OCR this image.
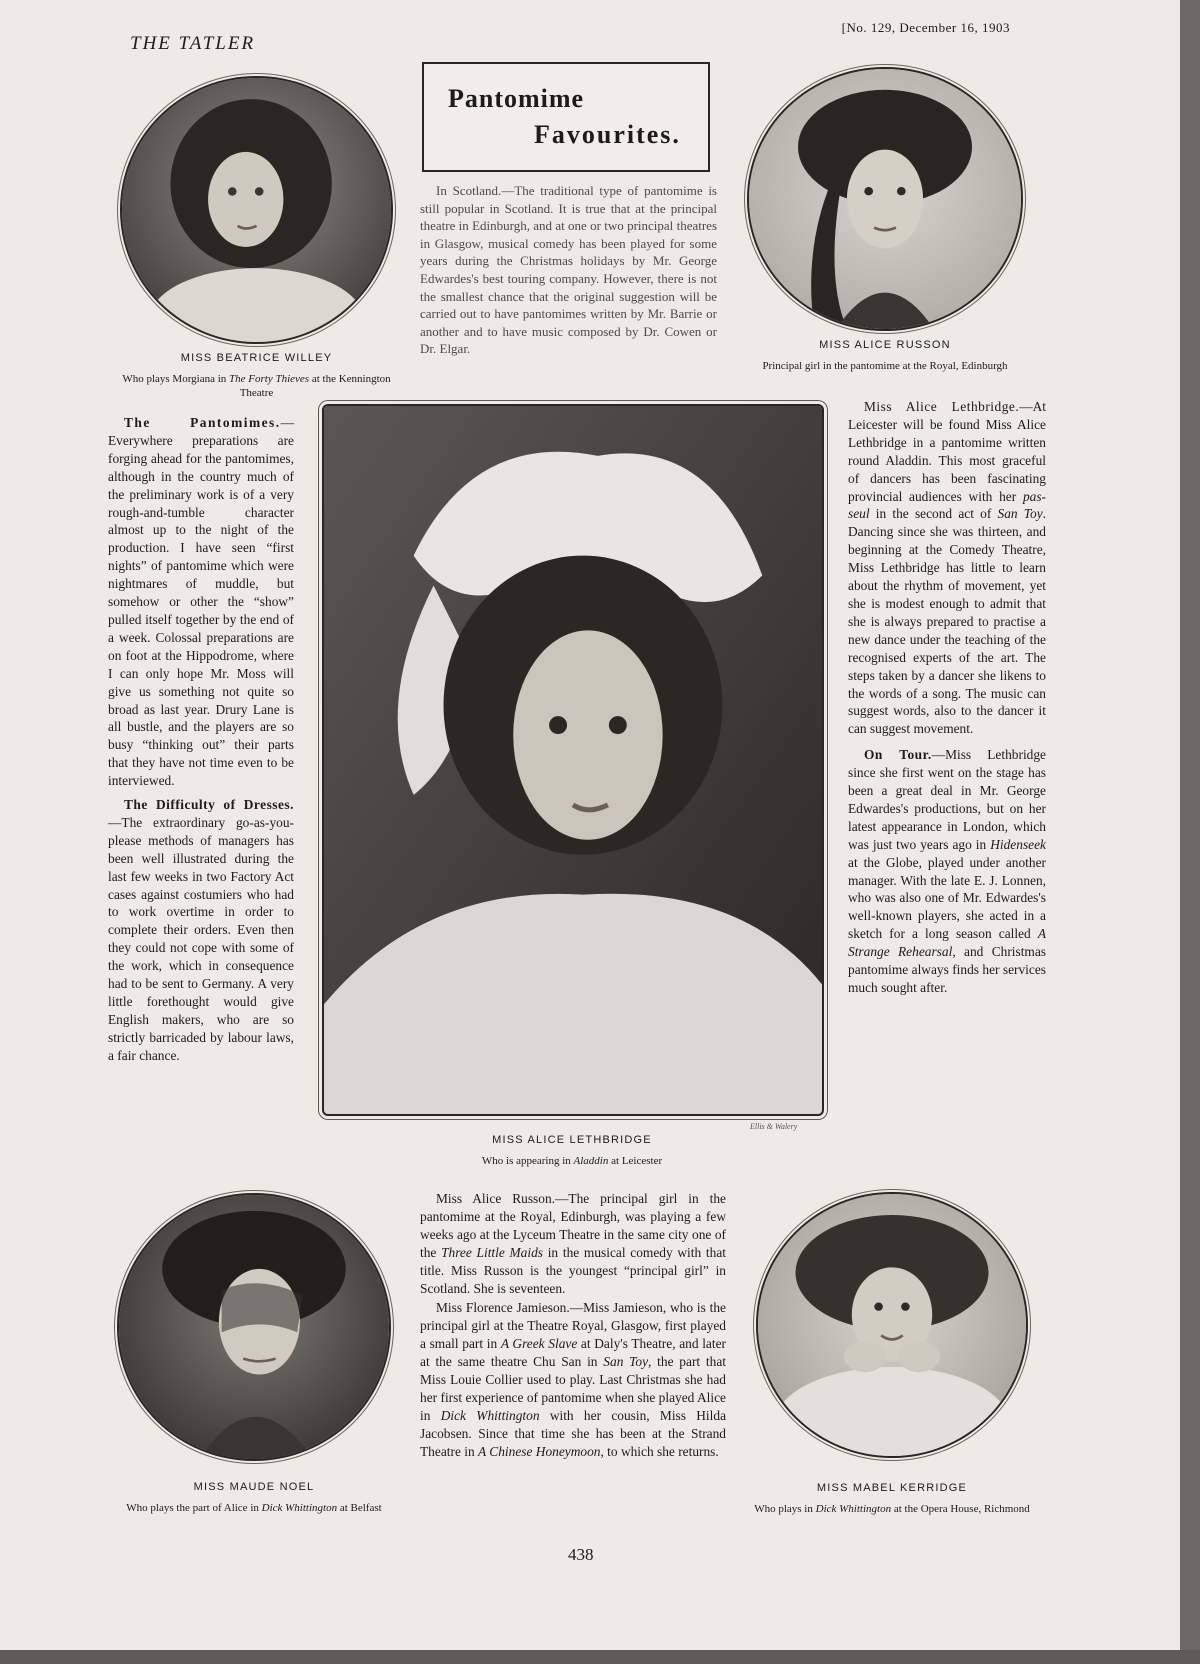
THE TATLER
[No. 129, December 16, 1903
Pantomime
Favourites.

In Scotland.—The traditional type of pantomime is still popular in Scotland. It is true that at the principal theatre in Edinburgh, and at one or two principal theatres in Glasgow, musical comedy has been played for some years during the Christmas holidays by Mr. George Edwardes's best touring company. However, there is not the smallest chance that the original suggestion will be carried out to have pantomimes written by Mr. Barrie or another and to have music composed by Dr. Cowen or Dr. Elgar.

MISS BEATRICE WILLEY
Who plays Morgiana in The Forty Thieves at the Kennington Theatre
MISS ALICE RUSSON
Principal girl in the pantomime at the Royal, Edinburgh
Ellis & Walery
MISS ALICE LETHBRIDGE
Who is appearing in Aladdin at Leicester

The Pantomimes.—Everywhere preparations are forging ahead for the pantomimes, although in the country much of the preliminary work is of a very rough-and-tumble character almost up to the night of the production. I have seen “first nights” of pantomime which were nightmares of muddle, but somehow or other the “show” pulled itself together by the end of a week. Colossal preparations are on foot at the Hippodrome, where I can only hope Mr. Moss will give us something not quite so broad as last year. Drury Lane is all bustle, and the players are so busy “thinking out” their parts that they have not time even to be interviewed.

The Difficulty of Dresses.—The extraordinary go-as-you-please methods of managers has been well illustrated during the last few weeks in two Factory Act cases against costumiers who had to work overtime in order to complete their orders. Even then they could not cope with some of the work, which in consequence had to be sent to Germany. A very little forethought would give English makers, who are so strictly barricaded by labour laws, a fair chance.

Miss Alice Lethbridge.—At Leicester will be found Miss Alice Lethbridge in a pantomime written round Aladdin. This most graceful of dancers has been fascinating provincial audiences with her pas-seul in the second act of San Toy. Dancing since she was thirteen, and beginning at the Comedy Theatre, Miss Lethbridge has little to learn about the rhythm of movement, yet she is modest enough to admit that she is always prepared to practise a new dance under the teaching of the recognised experts of the art. The steps taken by a dancer she likens to the words of a song. The music can suggest words, also to the dancer it can suggest movement.

On Tour.—Miss Lethbridge since she first went on the stage has been a great deal in Mr. George Edwardes's productions, but on her latest appearance in London, which was just two years ago in Hidenseek at the Globe, played under another manager. With the late E. J. Lonnen, who was also one of Mr. Edwardes's well-known players, she acted in a sketch for a long season called A Strange Rehearsal, and Christmas pantomime always finds her services much sought after.

Miss Alice Russon.—The principal girl in the pantomime at the Royal, Edinburgh, was playing a few weeks ago at the Lyceum Theatre in the same city one of the Three Little Maids in the musical comedy with that title. Miss Russon is the youngest “principal girl” in Scotland. She is seventeen.

Miss Florence Jamieson.—Miss Jamieson, who is the principal girl at the Theatre Royal, Glasgow, first played a small part in A Greek Slave at Daly's Theatre, and later at the same theatre Chu San in San Toy, the part that Miss Louie Collier used to play. Last Christmas she had her first experience of pantomime when she played Alice in Dick Whittington with her cousin, Miss Hilda Jacobsen. Since that time she has been at the Strand Theatre in A Chinese Honeymoon, to which she returns.

MISS MAUDE NOEL
Who plays the part of Alice in Dick Whittington at Belfast
MISS MABEL KERRIDGE
Who plays in Dick Whittington at the Opera House, Richmond
438
